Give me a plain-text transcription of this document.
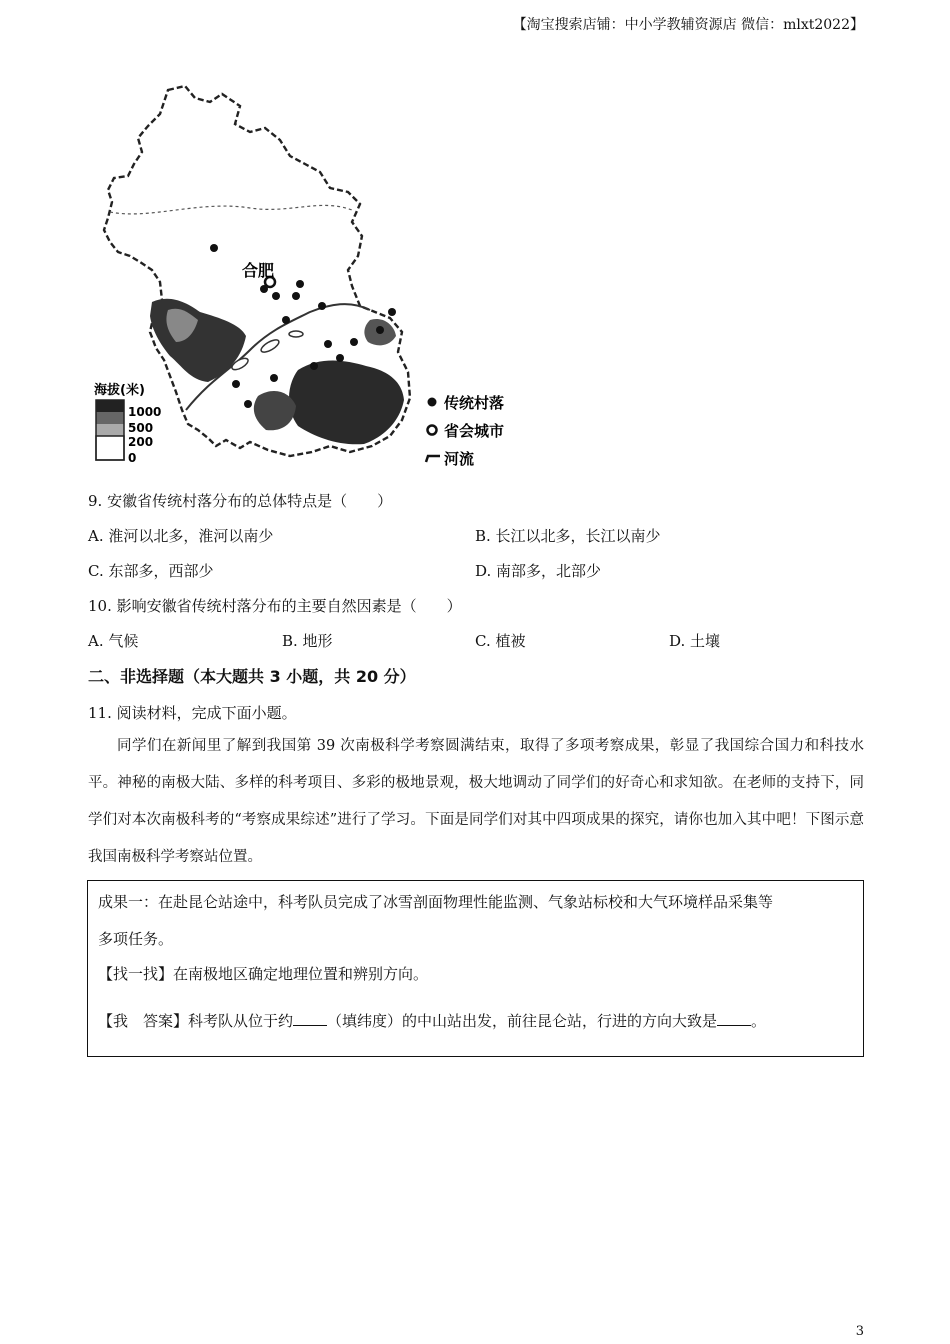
【淘宝搜索店铺：中小学教辅资源店 微信：mlxt2022】
合肥
海拔(米)
1000
500
200
0
传统村落
省会城市
河流
9. 安徽省传统村落分布的总体特点是（　　）
A. 淮河以北多，淮河以南少	B. 长江以北多，长江以南少
C. 东部多，西部少	D. 南部多，北部少
10. 影响安徽省传统村落分布的主要自然因素是（　　）
A. 气候	B. 地形	C. 植被	D. 土壤
二、非选择题（本大题共 3 小题，共 20 分）
11. 阅读材料，完成下面小题。
同学们在新闻里了解到我国第 39 次南极科学考察圆满结束，取得了多项考察成果，彰显了我国综合国力和科技水平。神秘的南极大陆、多样的科考项目、多彩的极地景观，极大地调动了同学们的好奇心和求知欲。在老师的支持下，同学们对本次南极科考的“考察成果综述”进行了学习。下面是同学们对其中四项成果的探究，请你也加入其中吧！下图示意我国南极科学考察站位置。

成果一：在赴昆仑站途中，科考队员完成了冰雪剖面物理性能监测、气象站标校和大气环境样品采集等

多项任务。

【找一找】在南极地区确定地理位置和辨别方向。

【我　答案】科考队从位于约 （填纬度）的中山站出发，前往昆仑站，行进的方向大致是 。

3
